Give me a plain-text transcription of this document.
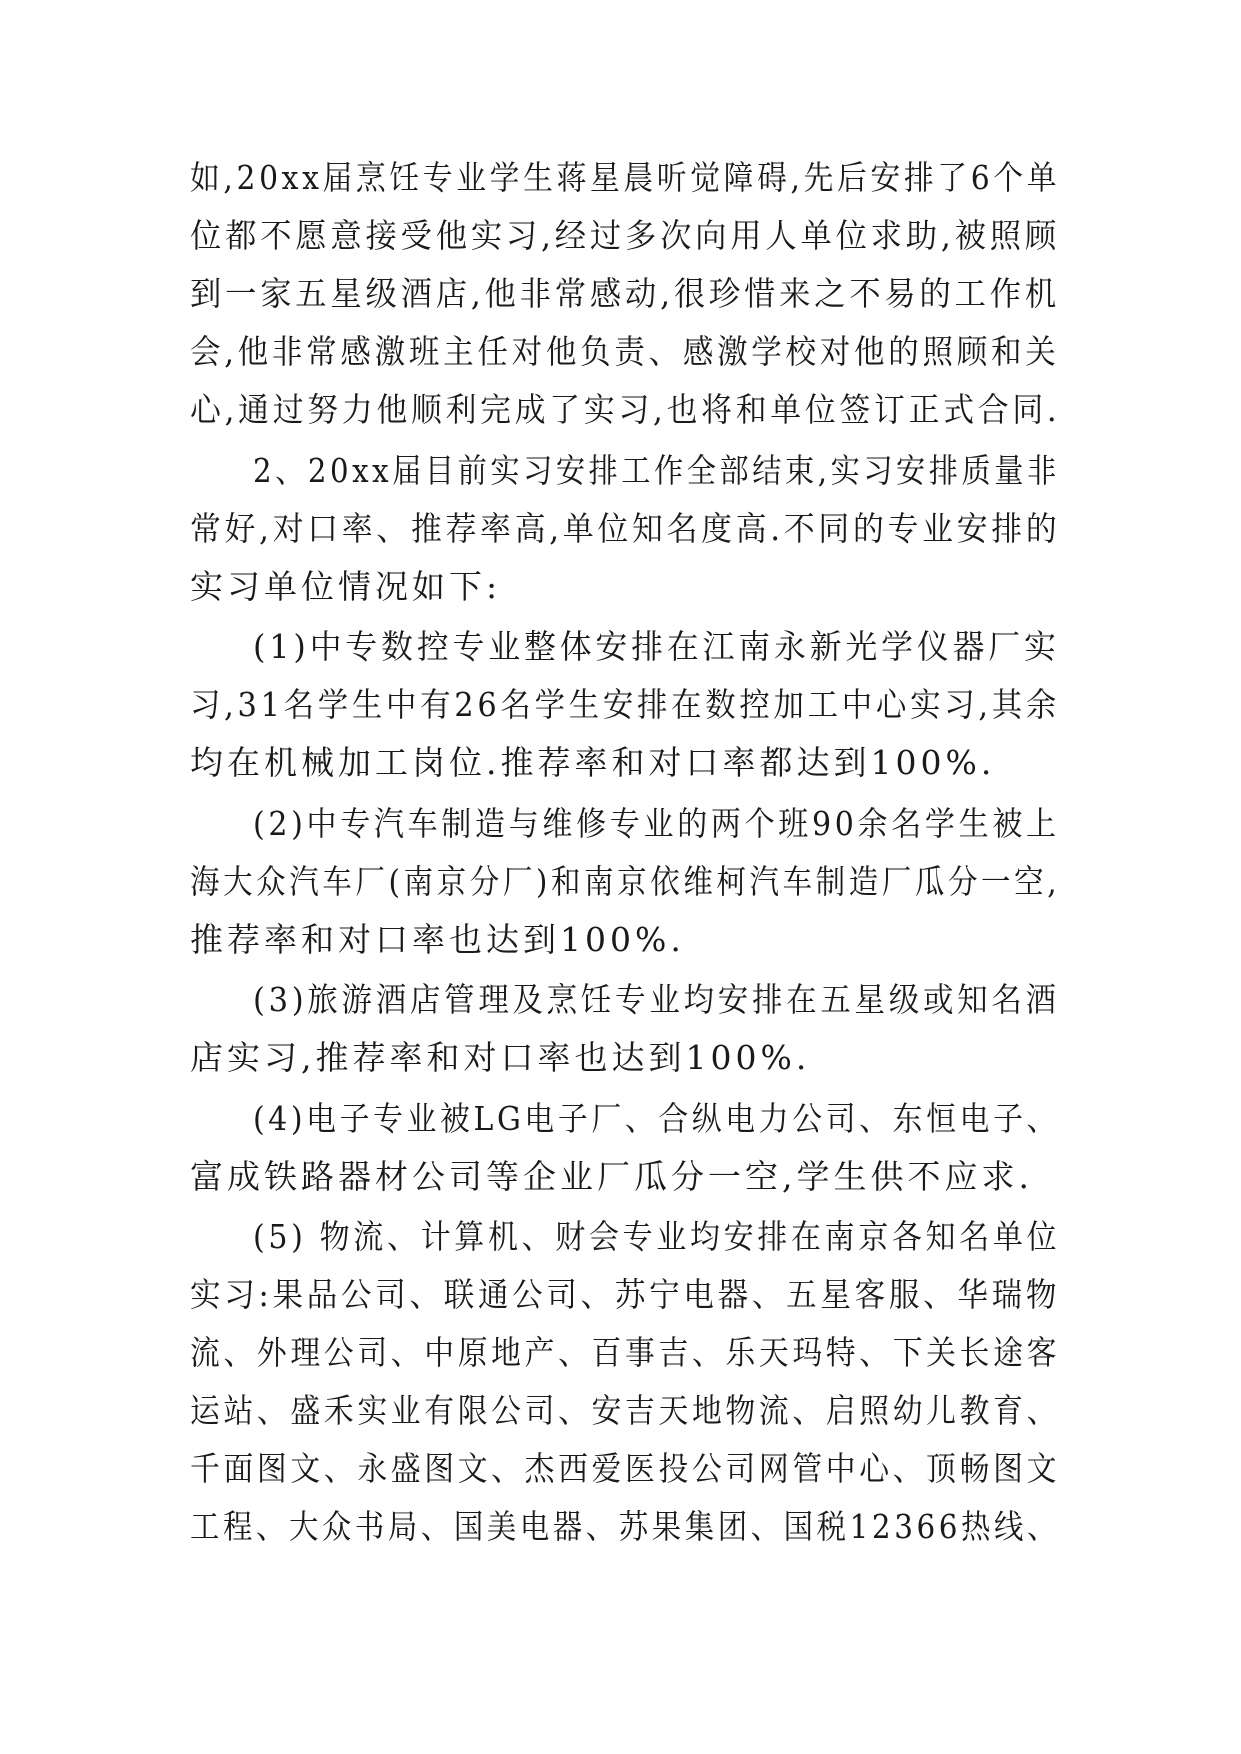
如,20xx届烹饪专业学生蒋星晨听觉障碍,先后安排了6个单
位都不愿意接受他实习,经过多次向用人单位求助,被照顾
到一家五星级酒店,他非常感动,很珍惜来之不易的工作机
会,他非常感激班主任对他负责、感激学校对他的照顾和关
心,通过努力他顺利完成了实习,也将和单位签订正式合同.
2、20xx届目前实习安排工作全部结束,实习安排质量非
常好,对口率、推荐率高,单位知名度高.不同的专业安排的
实习单位情况如下:
(1)中专数控专业整体安排在江南永新光学仪器厂实
习,31名学生中有26名学生安排在数控加工中心实习,其余
均在机械加工岗位.推荐率和对口率都达到100%.
(2)中专汽车制造与维修专业的两个班90余名学生被上
海大众汽车厂(南京分厂)和南京依维柯汽车制造厂瓜分一空,
推荐率和对口率也达到100%.
(3)旅游酒店管理及烹饪专业均安排在五星级或知名酒
店实习,推荐率和对口率也达到100%.
(4)电子专业被LG电子厂、合纵电力公司、东恒电子、
富成铁路器材公司等企业厂瓜分一空,学生供不应求.
(5) 物流、计算机、财会专业均安排在南京各知名单位
实习:果品公司、联通公司、苏宁电器、五星客服、华瑞物
流、外理公司、中原地产、百事吉、乐天玛特、下关长途客
运站、盛禾实业有限公司、安吉天地物流、启照幼儿教育、
千面图文、永盛图文、杰西爱医投公司网管中心、顶畅图文
工程、大众书局、国美电器、苏果集团、国税12366热线、
